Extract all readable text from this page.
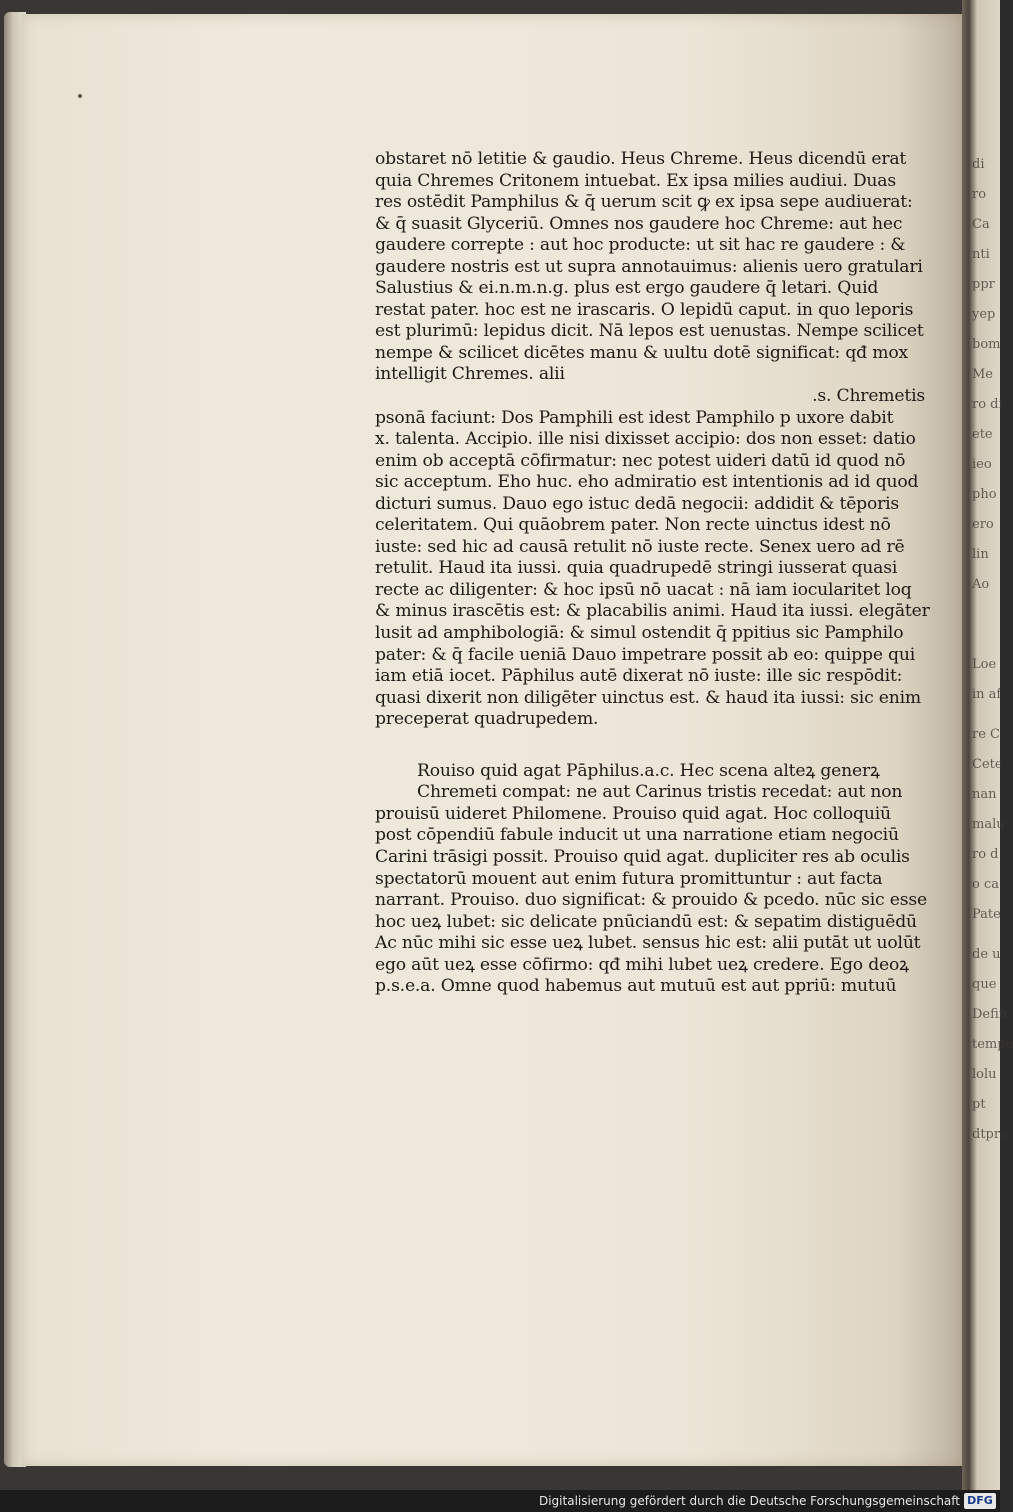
obstaret nō letitie & gaudio. Heus Chreme. Heus dicendū erat
quia Chremes Critonem intuebat. Ex ipsa milies audiui. Duas
res ostēdit Pamphilus & q̄ uerum scit ꝙ ex ipsa sepe audiuerat:
& q̄ suasit Glyceriū. Omnes nos gaudere hoc Chreme: aut hec
gaudere correpte : aut hoc producte: ut sit hac re gaudere : &
gaudere nostris est ut supra annotauimus: alienis uero gratulari
Salustius & ei.n.m.n.g. plus est ergo gaudere q̄ letari. Quid
restat pater. hoc est ne irascaris. O lepidū caput. in quo leporis
est plurimū: lepidus dicit. Nā lepos est uenustas. Nempe scilicet
nempe & scilicet dicētes manu & uultu dotē significat: qđ mox
intelligit Chremes. alii
.s. Chremetis
psonā faciunt: Dos Pamphili est idest Pamphilo p uxore dabit
x. talenta. Accipio. ille nisi dixisset accipio: dos non esset: datio
enim ob acceptā cōfirmatur: nec potest uideri datū id quod nō
sic acceptum. Eho huc. eho admiratio est intentionis ad id quod
dicturi sumus. Dauo ego istuc dedā negocii: addidit & tēporis
celeritatem. Qui quāobrem pater. Non recte uinctus idest nō
iuste: sed hic ad causā retulit nō iuste recte. Senex uero ad rē
retulit. Haud ita iussi. quia quadrupedē stringi iusserat quasi
recte ac diligenter: & hoc ipsū nō uacat : nā iam iocularitet loq
& minus irascētis est: & placabilis animi. Haud ita iussi. elegāter
lusit ad amphibologiā: & simul ostendit q̄ ppitius sic Pamphilo
pater: & q̄ facile ueniā Dauo impetrare possit ab eo: quippe qui
iam etiā iocet. Pāphilus autē dixerat nō iuste: ille sic respōdit:
quasi dixerit non diligēter uinctus est. & haud ita iussi: sic enim
preceperat quadrupedem.
Rouiso quid agat Pāphilus.a.c. Hec scena alteꝝ generꝝ
Chremeti compat: ne aut Carinus tristis recedat: aut non
prouisū uideret Philomene. Prouiso quid agat. Hoc colloquiū
post cōpendiū fabule inducit ut una narratione etiam negociū
Carini trāsigi possit. Prouiso quid agat. dupliciter res ab oculis
spectatorū mouent aut enim futura promittuntur : aut facta
narrant. Prouiso. duo significat: & prouido & pcedo. nūc sic esse
hoc ueꝝ lubet: sic delicate pnūciandū est: & sepatim distiguēdū
Ac nūc mihi sic esse ueꝝ lubet. sensus hic est: alii putāt ut uolūt
ego aūt ueꝝ esse cōfirmo: qđ mihi lubet ueꝝ credere. Ego deoꝝ
p.s.e.a. Omne quod habemus aut mutuū est aut ppriū: mutuū
di
ro
Ca
nti
ppr
yep
bom
Me
ro di
ete
ieo
pho
ero
lin
Ao
Loe
in af
re C
Cete
nan
malu
ro d
o ca
Pate
de u
que
Defin
tempo
lolu
pt
dtpre
Digitalisierung gefördert durch die Deutsche Forschungsgemeinschaft DFG
